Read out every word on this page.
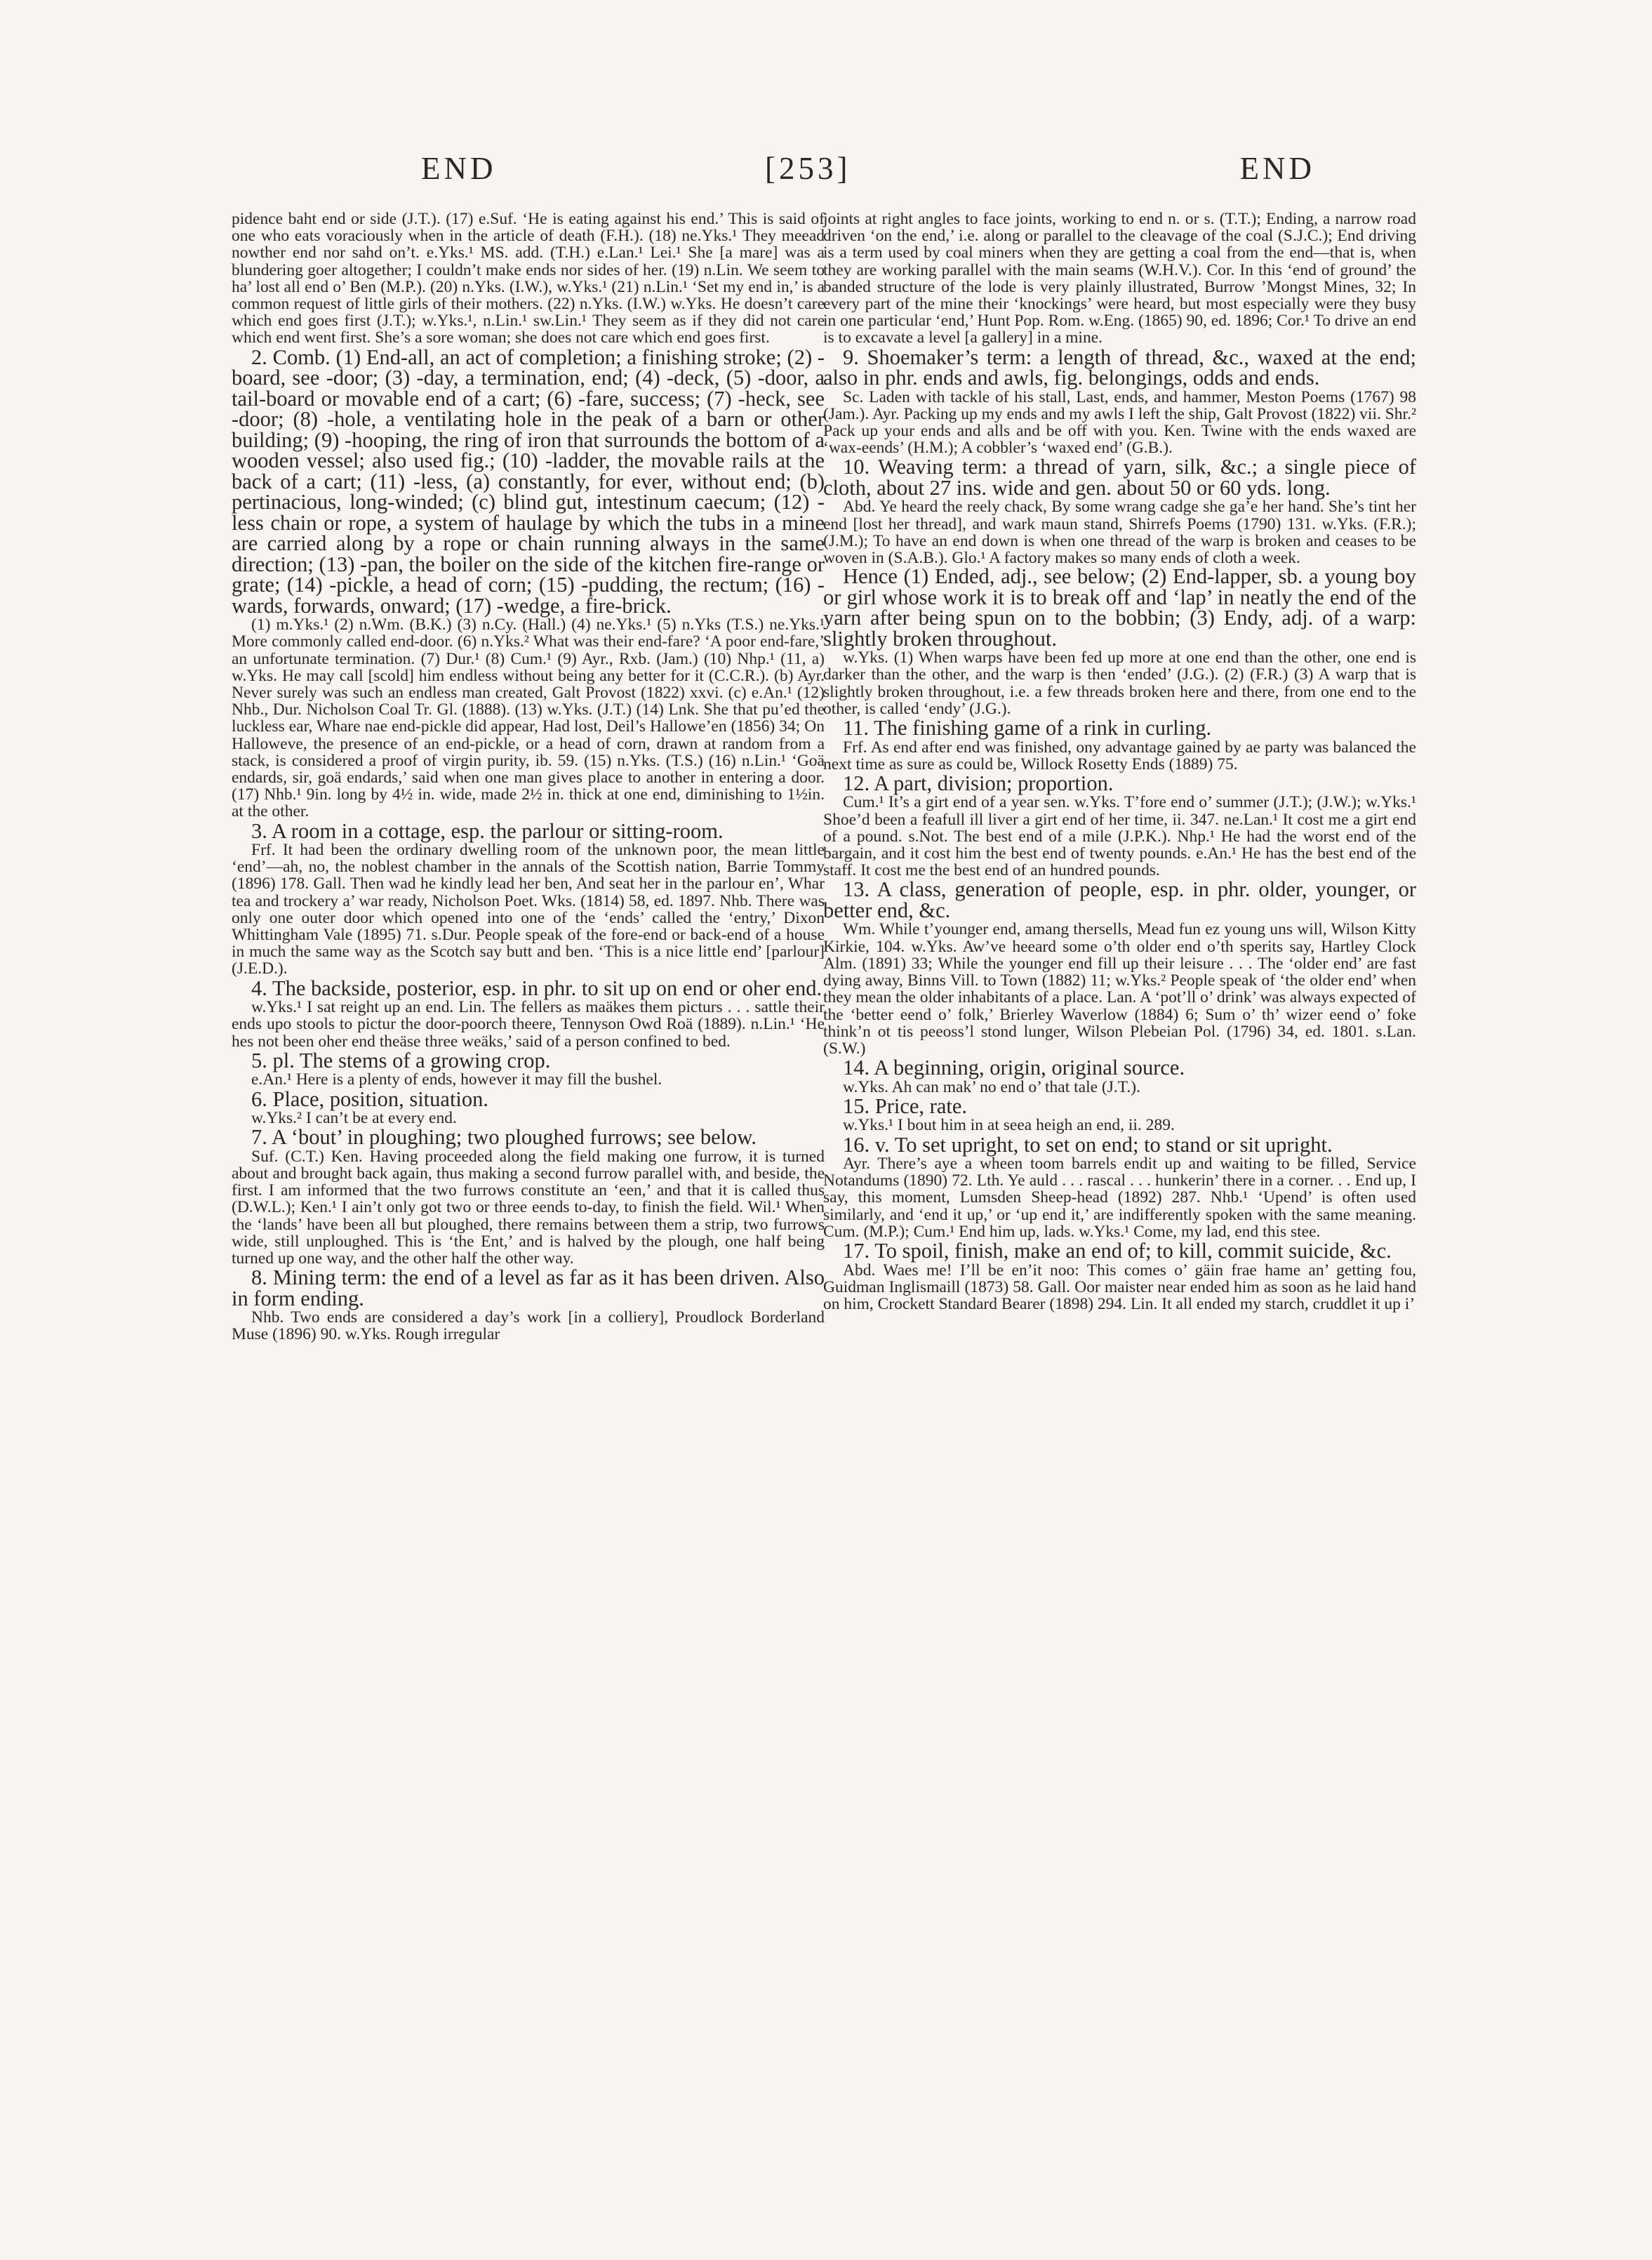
END	[253]	END

pidence baht end or side (J.T.). (17) e.Suf. ‘He is eating against his end.’ This is said of one who eats voraciously when in the article of death (F.H.). (18) ne.Yks.¹ They meead nowther end nor sahd on’t. e.Yks.¹ MS. add. (T.H.) e.Lan.¹ Lei.¹ She [a mare] was a blundering goer altogether; I couldn’t make ends nor sides of her. (19) n.Lin. We seem to ha’ lost all end o’ Ben (M.P.). (20) n.Yks. (I.W.), w.Yks.¹ (21) n.Lin.¹ ‘Set my end in,’ is a common request of little girls of their mothers. (22) n.Yks. (I.W.) w.Yks. He doesn’t care which end goes first (J.T.); w.Yks.¹, n.Lin.¹ sw.Lin.¹ They seem as if they did not care which end went first. She’s a sore woman; she does not care which end goes first.

2. Comb. (1) End-all, an act of completion; a finishing stroke; (2) -board, see -door; (3) -day, a termination, end; (4) -deck, (5) -door, a tail-board or movable end of a cart; (6) -fare, success; (7) -heck, see -door; (8) -hole, a ventilating hole in the peak of a barn or other building; (9) -hooping, the ring of iron that surrounds the bottom of a wooden vessel; also used fig.; (10) -ladder, the movable rails at the back of a cart; (11) -less, (a) constantly, for ever, without end; (b) pertinacious, long-winded; (c) blind gut, intestinum caecum; (12) -less chain or rope, a system of haulage by which the tubs in a mine are carried along by a rope or chain running always in the same direction; (13) -pan, the boiler on the side of the kitchen fire-range or grate; (14) -pickle, a head of corn; (15) -pudding, the rectum; (16) -wards, forwards, onward; (17) -wedge, a fire-brick.

(1) m.Yks.¹ (2) n.Wm. (B.K.) (3) n.Cy. (Hall.) (4) ne.Yks.¹ (5) n.Yks (T.S.) ne.Yks.¹ More commonly called end-door. (6) n.Yks.² What was their end-fare? ‘A poor end-fare,’ an unfortunate termination. (7) Dur.¹ (8) Cum.¹ (9) Ayr., Rxb. (Jam.) (10) Nhp.¹ (11, a) w.Yks. He may call [scold] him endless without being any better for it (C.C.R.). (b) Ayr. Never surely was such an endless man created, Galt Provost (1822) xxvi. (c) e.An.¹ (12) Nhb., Dur. Nicholson Coal Tr. Gl. (1888). (13) w.Yks. (J.T.) (14) Lnk. She that pu’ed the luckless ear, Whare nae end-pickle did appear, Had lost, Deil’s Hallowe’en (1856) 34; On Halloweve, the presence of an end-pickle, or a head of corn, drawn at random from a stack, is considered a proof of virgin purity, ib. 59. (15) n.Yks. (T.S.) (16) n.Lin.¹ ‘Goä endards, sir, goä endards,’ said when one man gives place to another in entering a door. (17) Nhb.¹ 9in. long by 4½ in. wide, made 2½ in. thick at one end, diminishing to 1½in. at the other.

3. A room in a cottage, esp. the parlour or sitting-room.

Frf. It had been the ordinary dwelling room of the unknown poor, the mean little ‘end’—ah, no, the noblest chamber in the annals of the Scottish nation, Barrie Tommy (1896) 178. Gall. Then wad he kindly lead her ben, And seat her in the parlour en’, Whar tea and trockery a’ war ready, Nicholson Poet. Wks. (1814) 58, ed. 1897. Nhb. There was only one outer door which opened into one of the ‘ends’ called the ‘entry,’ Dixon Whittingham Vale (1895) 71. s.Dur. People speak of the fore-end or back-end of a house in much the same way as the Scotch say butt and ben. ‘This is a nice little end’ [parlour] (J.E.D.).

4. The backside, posterior, esp. in phr. to sit up on end or oher end.

w.Yks.¹ I sat reight up an end. Lin. The fellers as maäkes them picturs . . . sattle their ends upo stools to pictur the door-poorch theere, Tennyson Owd Roä (1889). n.Lin.¹ ‘He hes not been oher end theäse three weäks,’ said of a person confined to bed.

5. pl. The stems of a growing crop.

e.An.¹ Here is a plenty of ends, however it may fill the bushel.

6. Place, position, situation.

w.Yks.² I can’t be at every end.

7. A ‘bout’ in ploughing; two ploughed furrows; see below.

Suf. (C.T.) Ken. Having proceeded along the field making one furrow, it is turned about and brought back again, thus making a second furrow parallel with, and beside, the first. I am informed that the two furrows constitute an ‘een,’ and that it is called thus (D.W.L.); Ken.¹ I ain’t only got two or three eends to-day, to finish the field. Wil.¹ When the ‘lands’ have been all but ploughed, there remains between them a strip, two furrows wide, still unploughed. This is ‘the Ent,’ and is halved by the plough, one half being turned up one way, and the other half the other way.

8. Mining term: the end of a level as far as it has been driven. Also in form ending.

Nhb. Two ends are considered a day’s work [in a colliery], Proudlock Borderland Muse (1896) 90. w.Yks. Rough irregular

joints at right angles to face joints, working to end n. or s. (T.T.); Ending, a narrow road driven ‘on the end,’ i.e. along or parallel to the cleavage of the coal (S.J.C.); End driving is a term used by coal miners when they are getting a coal from the end—that is, when they are working parallel with the main seams (W.H.V.). Cor. In this ‘end of ground’ the banded structure of the lode is very plainly illustrated, Burrow ’Mongst Mines, 32; In every part of the mine their ‘knockings’ were heard, but most especially were they busy in one particular ‘end,’ Hunt Pop. Rom. w.Eng. (1865) 90, ed. 1896; Cor.¹ To drive an end is to excavate a level [a gallery] in a mine.

9. Shoemaker’s term: a length of thread, &c., waxed at the end; also in phr. ends and awls, fig. belongings, odds and ends.

Sc. Laden with tackle of his stall, Last, ends, and hammer, Meston Poems (1767) 98 (Jam.). Ayr. Packing up my ends and my awls I left the ship, Galt Provost (1822) vii. Shr.² Pack up your ends and alls and be off with you. Ken. Twine with the ends waxed are ‘wax-eends’ (H.M.); A cobbler’s ‘waxed end’ (G.B.).

10. Weaving term: a thread of yarn, silk, &c.; a single piece of cloth, about 27 ins. wide and gen. about 50 or 60 yds. long.

Abd. Ye heard the reely chack, By some wrang cadge she ga’e her hand. She’s tint her end [lost her thread], and wark maun stand, Shirrefs Poems (1790) 131. w.Yks. (F.R.); (J.M.); To have an end down is when one thread of the warp is broken and ceases to be woven in (S.A.B.). Glo.¹ A factory makes so many ends of cloth a week.

Hence (1) Ended, adj., see below; (2) End-lapper, sb. a young boy or girl whose work it is to break off and ‘lap’ in neatly the end of the yarn after being spun on to the bobbin; (3) Endy, adj. of a warp: slightly broken throughout.

w.Yks. (1) When warps have been fed up more at one end than the other, one end is darker than the other, and the warp is then ‘ended’ (J.G.). (2) (F.R.) (3) A warp that is slightly broken throughout, i.e. a few threads broken here and there, from one end to the other, is called ‘endy’ (J.G.).

11. The finishing game of a rink in curling.

Frf. As end after end was finished, ony advantage gained by ae party was balanced the next time as sure as could be, Willock Rosetty Ends (1889) 75.

12. A part, division; proportion.

Cum.¹ It’s a girt end of a year sen. w.Yks. T’fore end o’ summer (J.T.); (J.W.); w.Yks.¹ Shoe’d been a feafull ill liver a girt end of her time, ii. 347. ne.Lan.¹ It cost me a girt end of a pound. s.Not. The best end of a mile (J.P.K.). Nhp.¹ He had the worst end of the bargain, and it cost him the best end of twenty pounds. e.An.¹ He has the best end of the staff. It cost me the best end of an hundred pounds.

13. A class, generation of people, esp. in phr. older, younger, or better end, &c.

Wm. While t’younger end, amang thersells, Mead fun ez young uns will, Wilson Kitty Kirkie, 104. w.Yks. Aw’ve heeard some o’th older end o’th sperits say, Hartley Clock Alm. (1891) 33; While the younger end fill up their leisure . . . The ‘older end’ are fast dying away, Binns Vill. to Town (1882) 11; w.Yks.² People speak of ‘the older end’ when they mean the older inhabitants of a place. Lan. A ‘pot’ll o’ drink’ was always expected of the ‘better eend o’ folk,’ Brierley Waverlow (1884) 6; Sum o’ th’ wizer eend o’ foke think’n ot tis peeoss’l stond lunger, Wilson Plebeian Pol. (1796) 34, ed. 1801. s.Lan. (S.W.)

14. A beginning, origin, original source.

w.Yks. Ah can mak’ no end o’ that tale (J.T.).

15. Price, rate.

w.Yks.¹ I bout him in at seea heigh an end, ii. 289.

16. v. To set upright, to set on end; to stand or sit upright.

Ayr. There’s aye a wheen toom barrels endit up and waiting to be filled, Service Notandums (1890) 72. Lth. Ye auld . . . rascal . . . hunkerin’ there in a corner. . . End up, I say, this moment, Lumsden Sheep-head (1892) 287. Nhb.¹ ‘Upend’ is often used similarly, and ‘end it up,’ or ‘up end it,’ are indifferently spoken with the same meaning. Cum. (M.P.); Cum.¹ End him up, lads. w.Yks.¹ Come, my lad, end this stee.

17. To spoil, finish, make an end of; to kill, commit suicide, &c.

Abd. Waes me! I’ll be en’it noo: This comes o’ gäin frae hame an’ getting fou, Guidman Inglismaill (1873) 58. Gall. Oor maister near ended him as soon as he laid hand on him, Crockett Standard Bearer (1898) 294. Lin. It all ended my starch, cruddlet it up i’
